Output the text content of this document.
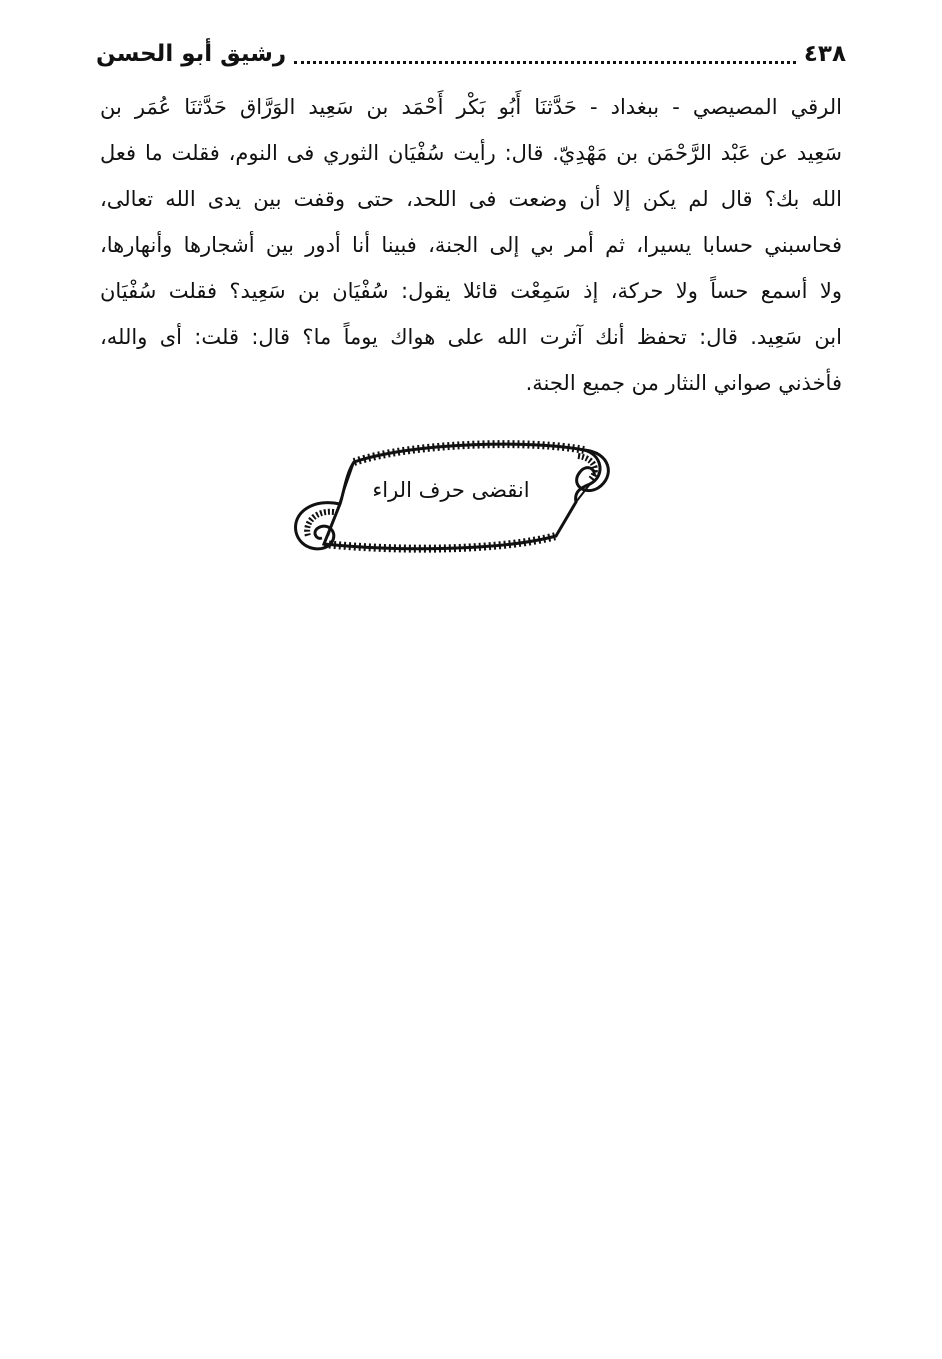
٤٣٨
رشيق أبو الحسن
الرقي المصيصي - ببغداد - حَدَّثنَا أَبُو بَكْر أَحْمَد بن سَعِيد الوَرَّاق حَدَّثنَا عُمَر بن
سَعِيد عن عَبْد الرَّحْمَن بن مَهْدِيّ. قال: رأيت سُفْيَان الثوري فى النوم، فقلت ما فعل
الله بك؟ قال لم يكن إلا أن وضعت فى اللحد، حتى وقفت بين يدى الله تعالى،
فحاسبني حسابا يسيرا، ثم أمر بي إلى الجنة، فبينا أنا أدور بين أشجارها وأنهارها،
ولا أسمع حساً ولا حركة، إذ سَمِعْت قائلا يقول: سُفْيَان بن سَعِيد؟ فقلت سُفْيَان
ابن سَعِيد. قال: تحفظ أنك آثرت الله على هواك يوماً ما؟ قال: قلت: أى والله،
فأخذني صواني النثار من جميع الجنة.
انقضى حرف الراء
